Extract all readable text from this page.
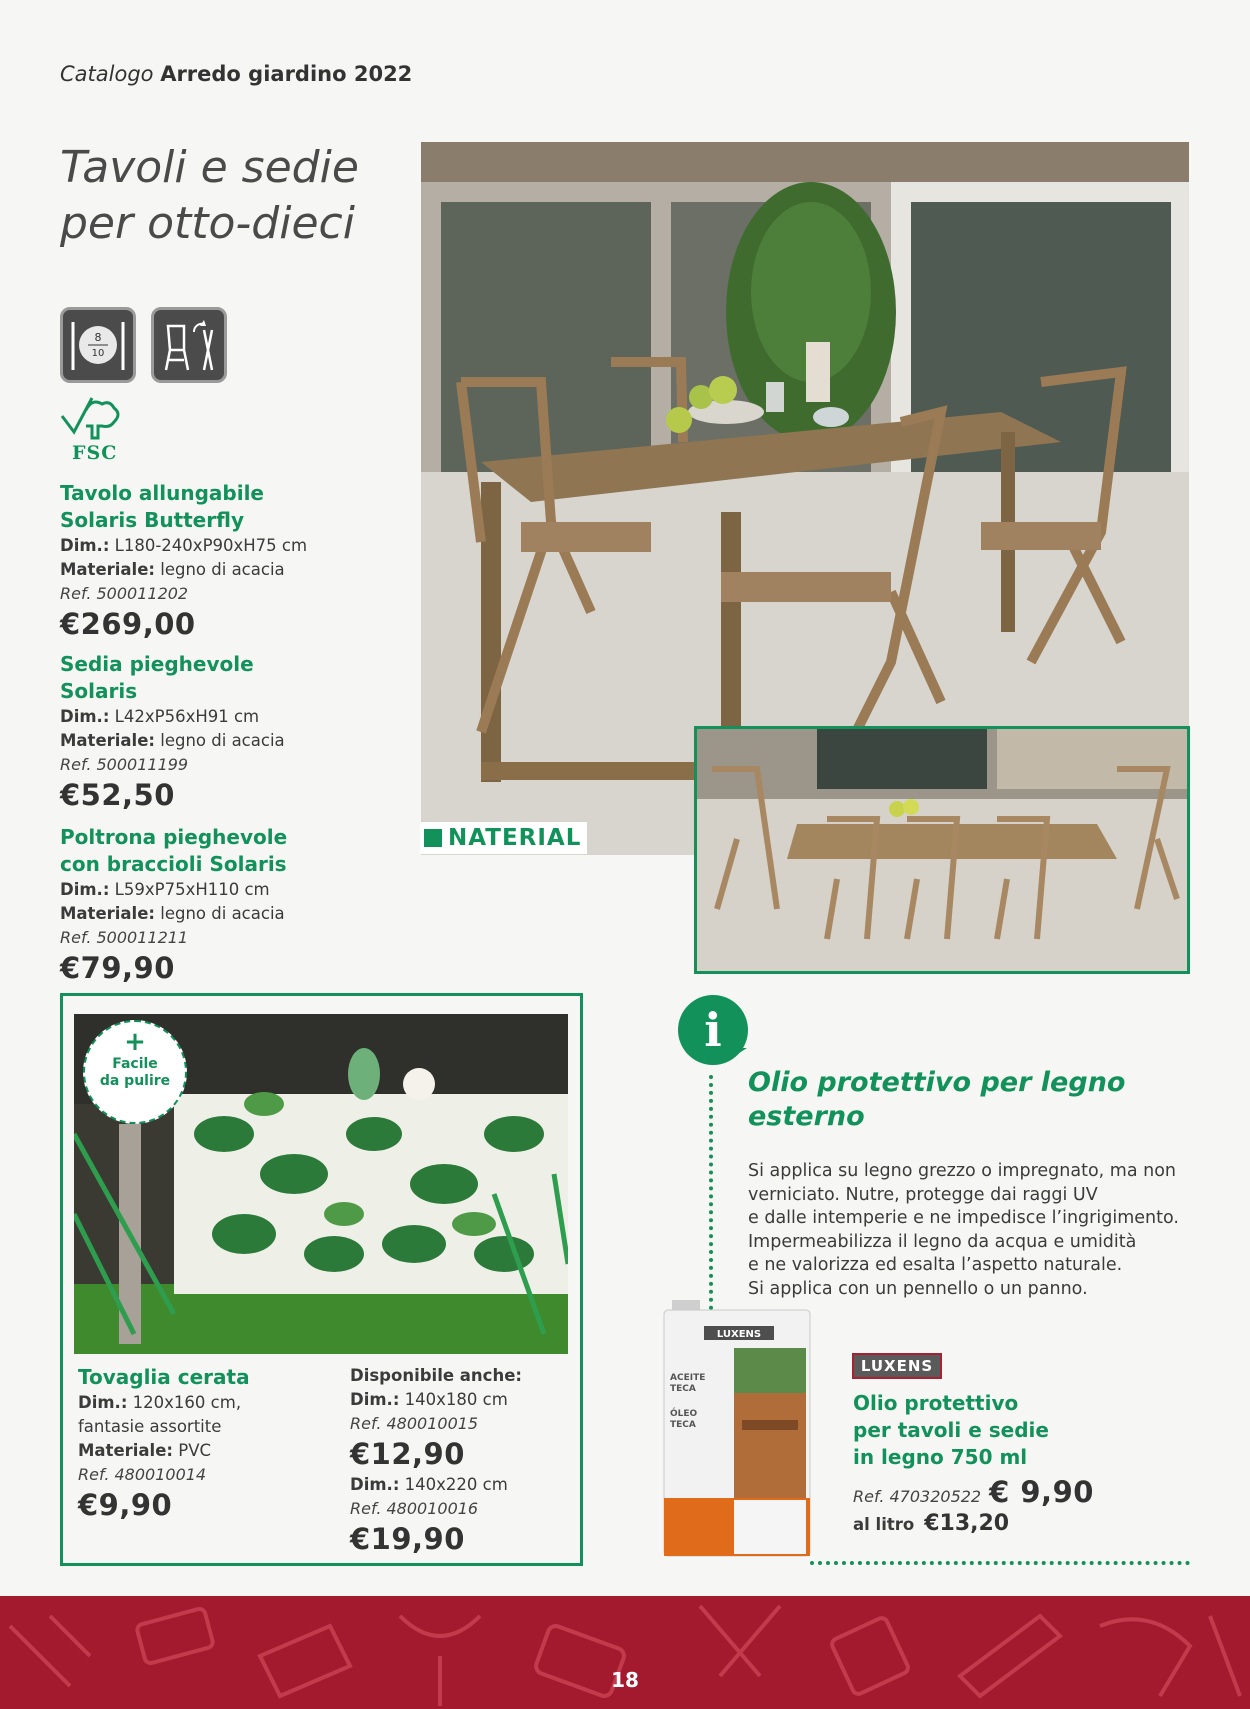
Catalogo Arredo giardino 2022
Tavoli e sedie
per otto-dieci
8
10
FSC
Tavolo allungabile
Solaris Butterfly
Dim.: L180-240xP90xH75 cm
Materiale: legno di acacia
Ref. 500011202
€269,00
Sedia pieghevole
Solaris
Dim.: L42xP56xH91 cm
Materiale: legno di acacia
Ref. 500011199
€52,50
Poltrona pieghevole
con braccioli Solaris
Dim.: L59xP75xH110 cm
Materiale: legno di acacia
Ref. 500011211
€79,90
NATERIAL
+
Facile
da pulire
Tovaglia cerata
Dim.: 120x160 cm,
fantasie assortite
Materiale: PVC
Ref. 480010014
€9,90
Disponibile anche:
Dim.: 140x180 cm
Ref. 480010015
€12,90
Dim.: 140x220 cm
Ref. 480010016
€19,90
i
Olio protettivo per legno
esterno
Si applica su legno grezzo o impregnato, ma non
verniciato. Nutre, protegge dai raggi UV
e dalle intemperie e ne impedisce l’ingrigimento.
Impermeabilizza il legno da acqua e umidità
e ne valorizza ed esalta l’aspetto naturale.
Si applica con un pennello o un panno.
LUXENS
ACEITE
TECA
ÓLEO
TECA
LUXENS
Olio protettivo
per tavoli e sedie
in legno 750 ml
Ref. 470320522 € 9,90
al litro €13,20
18
